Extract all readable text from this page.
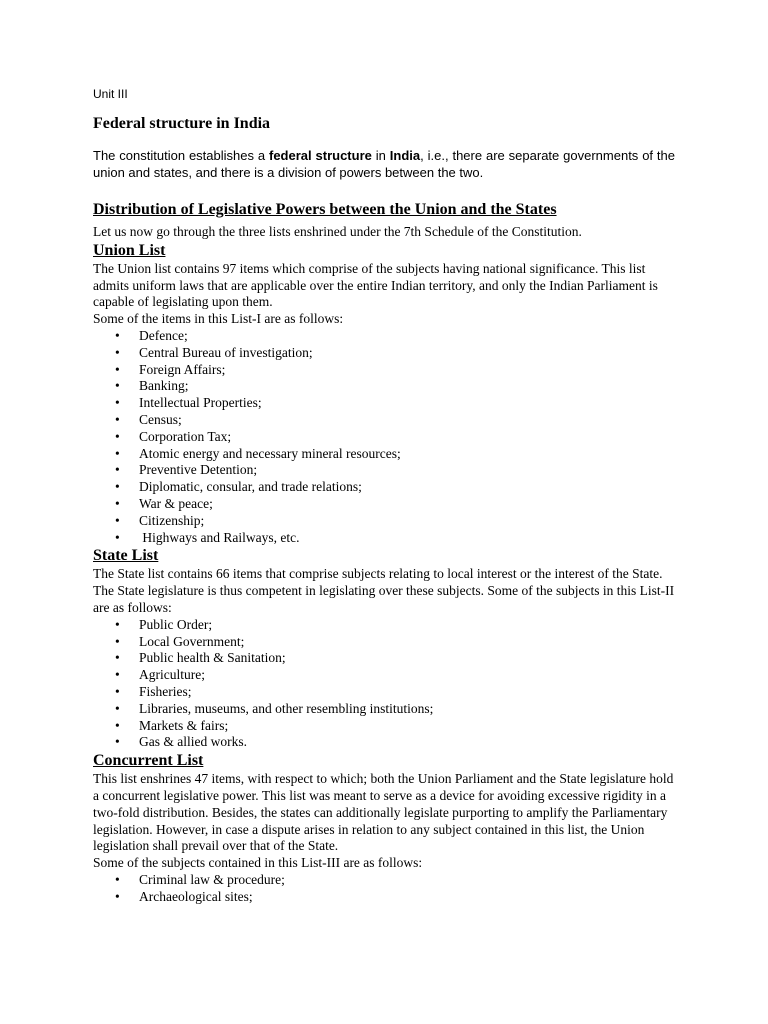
Unit III

Federal structure in India

The constitution establishes a federal structure in India, i.e., there are separate governments of the union and states, and there is a division of powers between the two.

Distribution of Legislative Powers between the Union and the States

Let us now go through the three lists enshrined under the 7th Schedule of the Constitution.

Union List

The Union list contains 97 items which comprise of the subjects having national significance. This list admits uniform laws that are applicable over the entire Indian territory, and only the Indian Parliament is capable of legislating upon them.

Some of the items in this List-I are as follows:

• Defence;
• Central Bureau of investigation;
• Foreign Affairs;
• Banking;
• Intellectual Properties;
• Census;
• Corporation Tax;
• Atomic energy and necessary mineral resources;
• Preventive Detention;
• Diplomatic, consular, and trade relations;
• War & peace;
• Citizenship;
• Highways and Railways, etc.

State List

The State list contains 66 items that comprise subjects relating to local interest or the interest of the State. The State legislature is thus competent in legislating over these subjects. Some of the subjects in this List-II are as follows:

• Public Order;
• Local Government;
• Public health & Sanitation;
• Agriculture;
• Fisheries;
• Libraries, museums, and other resembling institutions;
• Markets & fairs;
• Gas & allied works.

Concurrent List

This list enshrines 47 items, with respect to which; both the Union Parliament and the State legislature hold a concurrent legislative power. This list was meant to serve as a device for avoiding excessive rigidity in a two-fold distribution. Besides, the states can additionally legislate purporting to amplify the Parliamentary legislation. However, in case a dispute arises in relation to any subject contained in this list, the Union legislation shall prevail over that of the State.

Some of the subjects contained in this List-III are as follows:

• Criminal law & procedure;
• Archaeological sites;
